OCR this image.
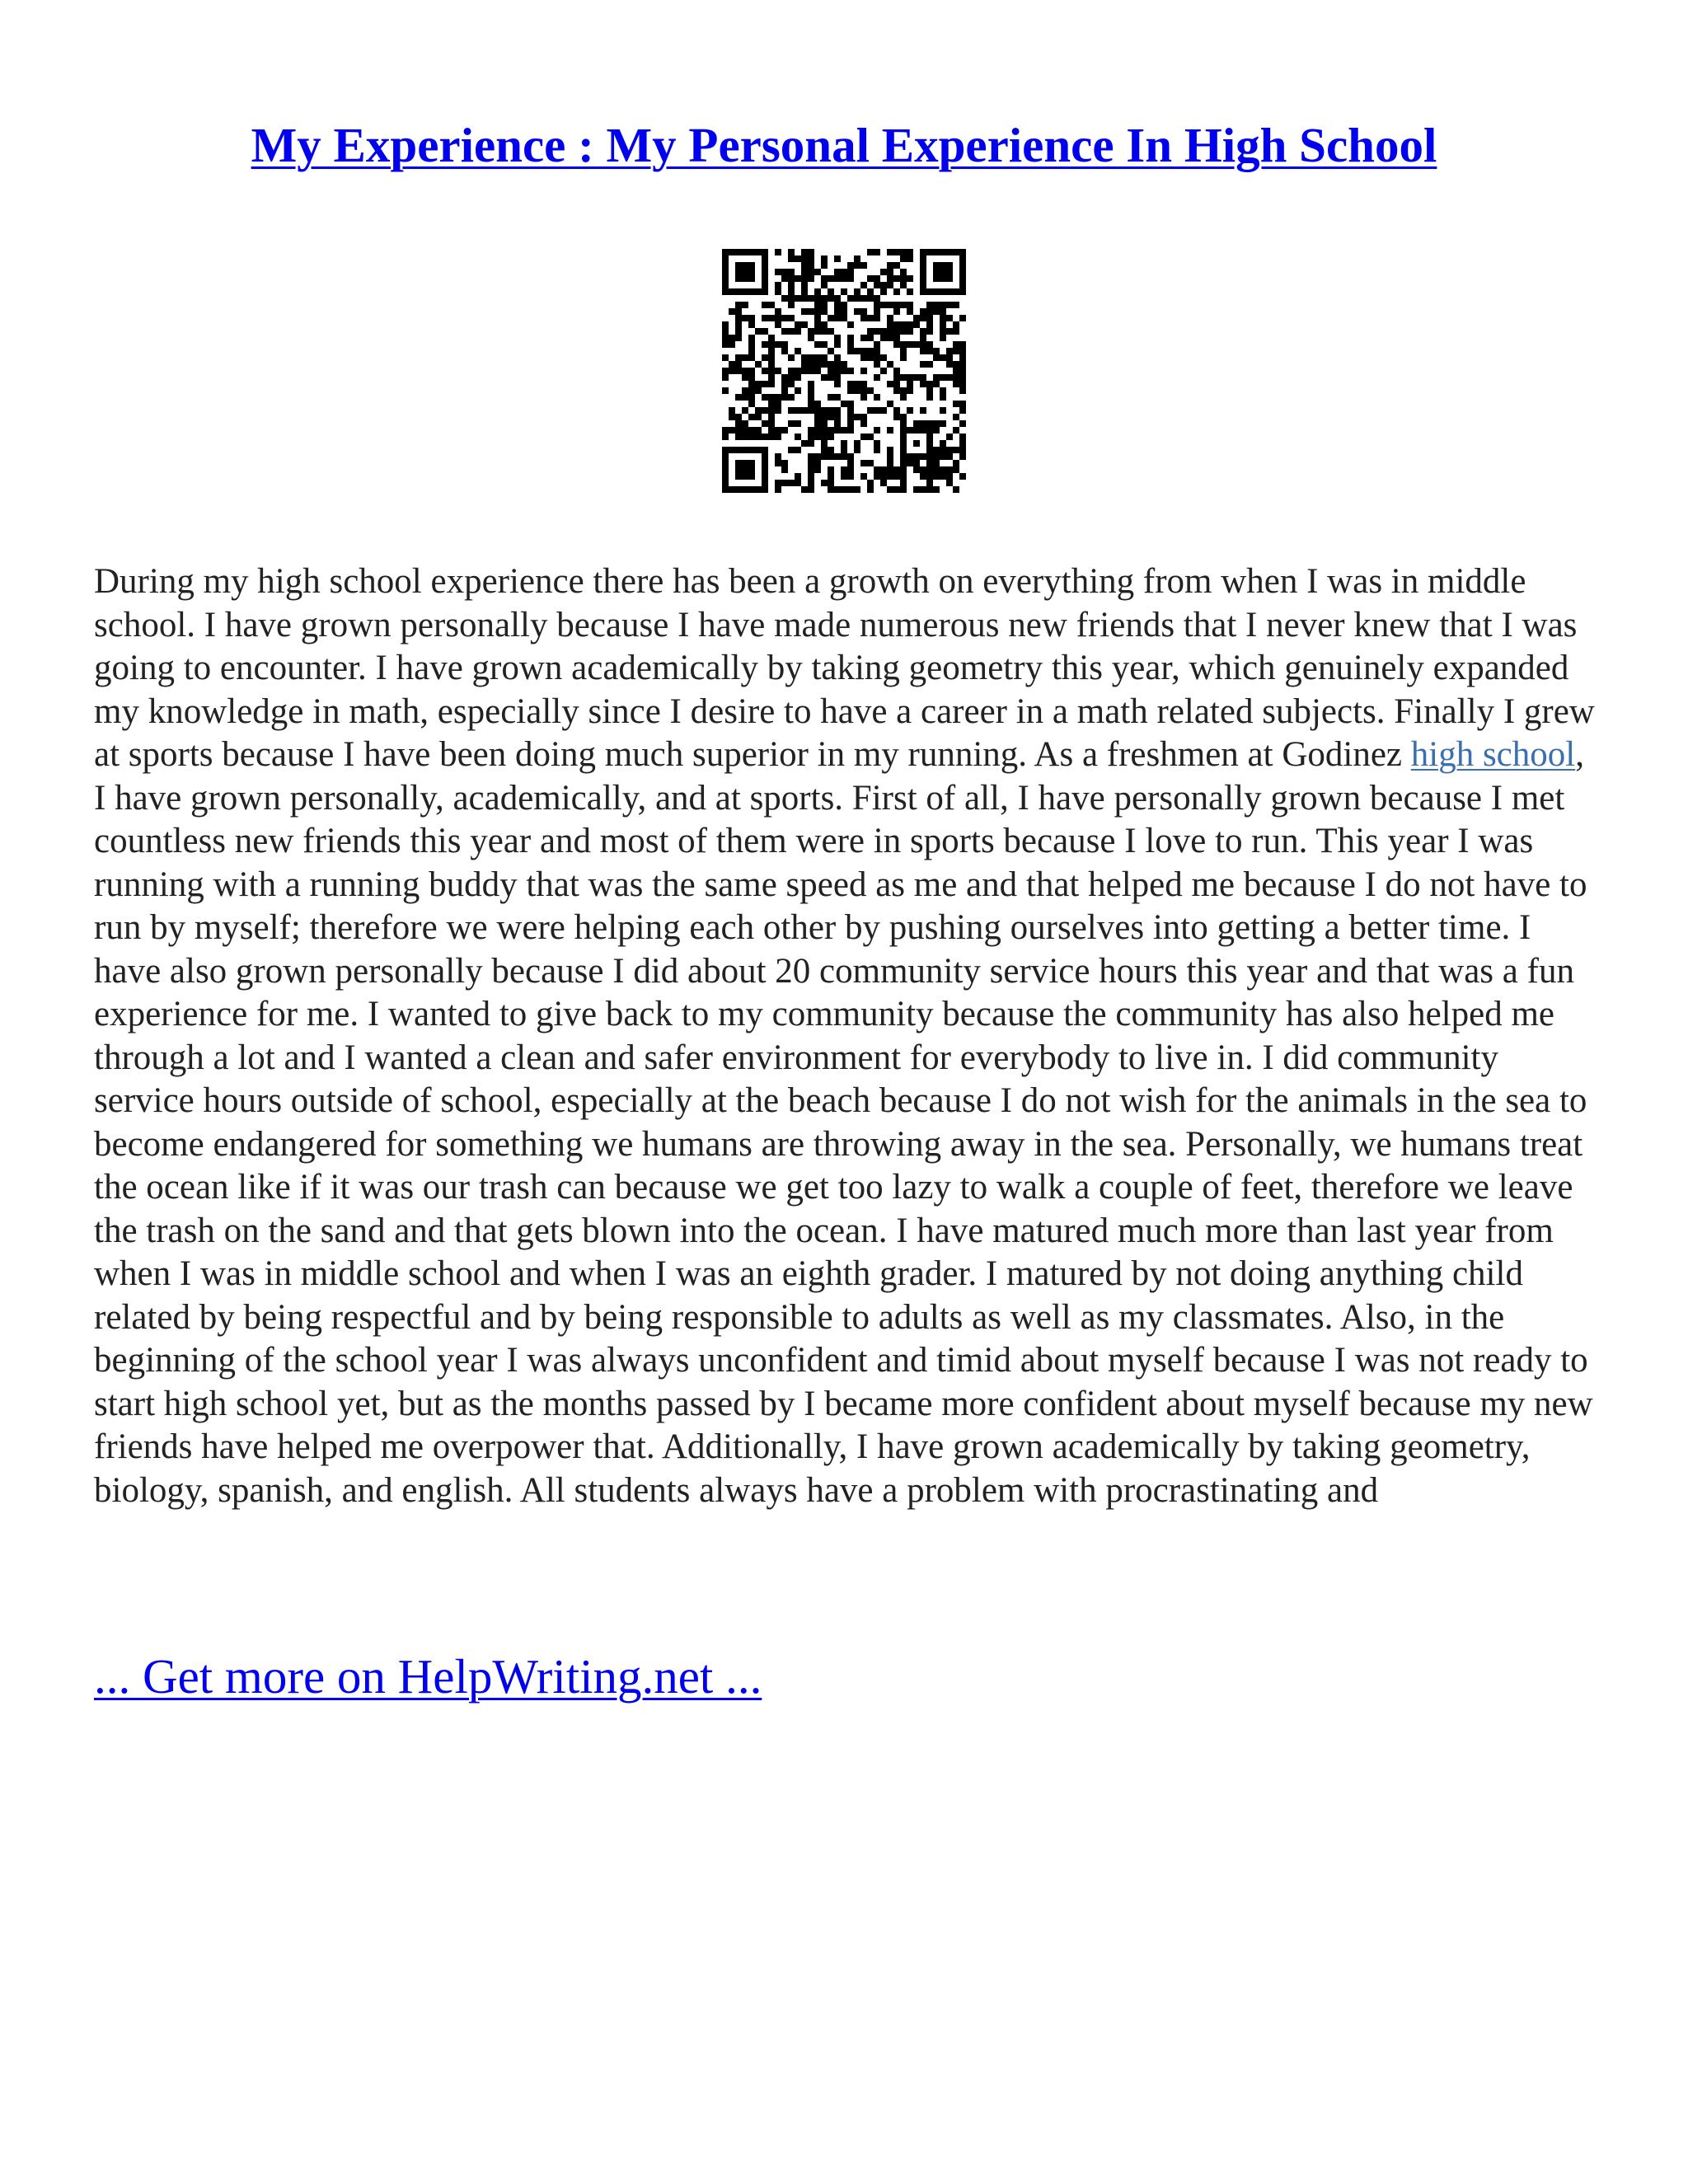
My Experience : My Personal Experience In High School

During my high school experience there has been a growth on everything from when I was in middle school. I have grown personally because I have made numerous new friends that I never knew that I was going to encounter. I have grown academically by taking geometry this year, which genuinely expanded my knowledge in math, especially since I desire to have a career in a math related subjects. Finally I grew at sports because I have been doing much superior in my running. As a freshmen at Godinez high school, I have grown personally, academically, and at sports. First of all, I have personally grown because I met countless new friends this year and most of them were in sports because I love to run. This year I was running with a running buddy that was the same speed as me and that helped me because I do not have to run by myself; therefore we were helping each other by pushing ourselves into getting a better time. I have also grown personally because I did about 20 community service hours this year and that was a fun experience for me. I wanted to give back to my community because the community has also helped me through a lot and I wanted a clean and safer environment for everybody to live in. I did community service hours outside of school, especially at the beach because I do not wish for the animals in the sea to become endangered for something we humans are throwing away in the sea. Personally, we humans treat the ocean like if it was our trash can because we get too lazy to walk a couple of feet, therefore we leave the trash on the sand and that gets blown into the ocean. I have matured much more than last year from when I was in middle school and when I was an eighth grader. I matured by not doing anything child related by being respectful and by being responsible to adults as well as my classmates. Also, in the beginning of the school year I was always unconfident and timid about myself because I was not ready to start high school yet, but as the months passed by I became more confident about myself because my new friends have helped me overpower that. Additionally, I have grown academically by taking geometry, biology, spanish, and english. All students always have a problem with procrastinating and

... Get more on HelpWriting.net ...
